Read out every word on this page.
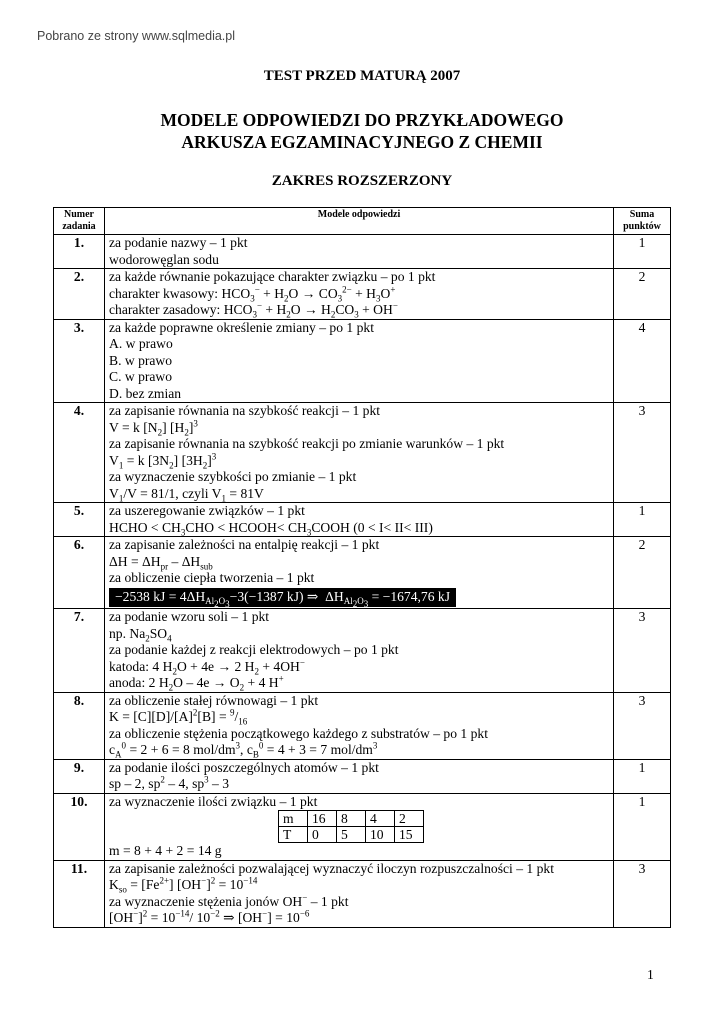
Pobrano ze strony www.sqlmedia.pl
TEST PRZED MATURĄ 2007
MODELE ODPOWIEDZI DO PRZYKŁADOWEGO
ARKUSZA EGZAMINACYJNEGO Z CHEMII
ZAKRES ROZSZERZONY
Numer
zadania	Modele odpowiedzi	Suma
punktów
1.	za podanie nazwy – 1 pkt
wodorowęglan sodu
	1
2.	za każde równanie pokazujące charakter związku – po 1 pkt
charakter kwasowy: $HCO_3^- + H_2O \to CO_3^{2-} + H_3O^+$
charakter zasadowy: $HCO_3^- + H_2O \to H_2CO_3 + OH^-$
	2
3.	za każde poprawne określenie zmiany – po 1 pkt
A. w prawo
B. w prawo
C. w prawo
D. bez zmian
	4
4.	za zapisanie równania na szybkość reakcji – 1 pkt
V = k $[N_2]$ $[H_2]^3$
za zapisanie równania na szybkość reakcji po zmianie warunków – 1 pkt
$V_1 = k$ $[3N_2]$ $[3H_2]^3$
za wyznaczenie szybkości po zmianie – 1 pkt
$V_1/V = 81/1$, czyli $V_1 = 81V$
	3
5.	za uszeregowanie związków – 1 pkt
HCHO < $CH_3CHO$ < HCOOH< $CH_3COOH$ (0 < I< II< III)
	1
6.	za zapisanie zależności na entalpię reakcji – 1 pkt
$\Delta H = \Delta H_{pr} - \Delta H_{sub}$
za obliczenie ciepła tworzenia – 1 pkt
−2538 kJ = $4\Delta H_{Al_2O_3}-3(-1387$ kJ) ⇒  $\Delta H_{Al_2O_3} = -1674,76$ kJ
	2
7.	za podanie wzoru soli – 1 pkt
np. $Na_2SO_4$
za podanie każdej z reakcji elektrodowych – po 1 pkt
katoda: 4 $H_2O + 4e \to 2$ $H_2 + 4OH^-$
anoda: 2 $H_2O - 4e \to O_2 + 4$ H+
	3
8.	za obliczenie stałej równowagi – 1 pkt
$K = [C][D]/[A]^2[B] = ^9/_{16}$
za obliczenie stężenia początkowego każdego z substratów – po 1 pkt
$c_A^0 = 2 + 6 = 8$ mol/$dm^3$, $c_B^0 = 4 + 3 = 7$ mol/$dm^3$
	3
9.	za podanie ilości poszczególnych atomów – 1 pkt
sp – 2, $sp^2 - 4$, $sp^3 - 3$
	1
10.	za wyznaczenie ilości związku – 1 pkt
m	16	8	4	2
T	0	5	10	15
m = 8 + 4 + 2 = 14 g
	1
11.	za zapisanie zależności pozwalającej wyznaczyć iloczyn rozpuszczalności – 1 pkt
$K_{so} = [Fe^{2+}] [OH^-]^2 = 10^{-14}$
za wyznaczenie stężenia jonów OH− – 1 pkt
$[OH^-]^2 = 10^{-14}/$ $10^{-2}$ ⇒ $[OH^-] = 10^{-6}$
	3
1
